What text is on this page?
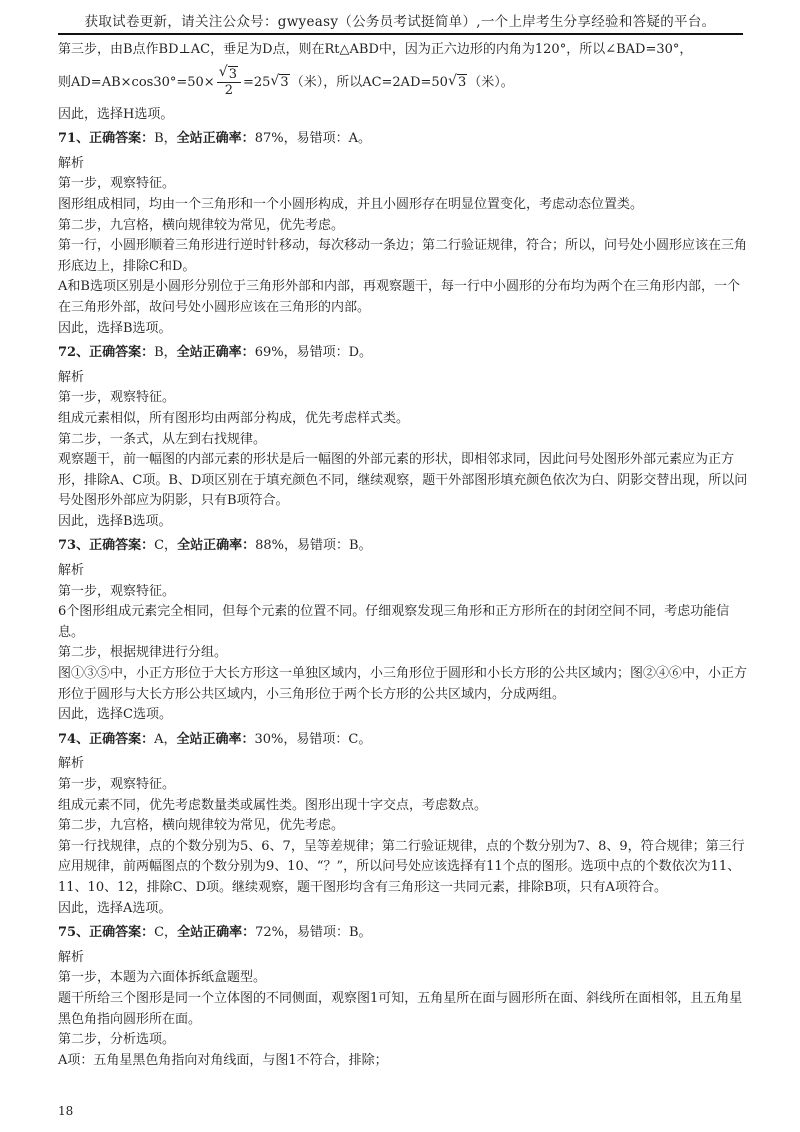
获取试卷更新，请关注公众号：gwyeasy（公务员考试挺简单）,一个上岸考生分享经验和答疑的平台。

第三步，由B点作BD⊥AC，垂足为D点，则在Rt△ABD中，因为正六边形的内角为120°，所以∠BAD=30°，

则AD=AB×cos30°=50×
√ $\frac{3}{2} =25√$ 3 （米），所以AC=2AD=50√ 3 （米）。

因此，选择H选项。

71、正确答案：B，全站正确率：87%，易错项：A。

解析

第一步，观察特征。

图形组成相同，均由一个三角形和一个小圆形构成，并且小圆形存在明显位置变化，考虑动态位置类。

第二步，九宫格，横向规律较为常见，优先考虑。

第一行，小圆形顺着三角形进行逆时针移动，每次移动一条边；第二行验证规律，符合；所以，问号处小圆形应该在三角形底边上，排除C和D。

A和B选项区别是小圆形分别位于三角形外部和内部，再观察题干，每一行中小圆形的分布均为两个在三角形内部，一个在三角形外部，故问号处小圆形应该在三角形的内部。

因此，选择B选项。

72、正确答案：B，全站正确率：69%，易错项：D。

解析

第一步，观察特征。

组成元素相似，所有图形均由两部分构成，优先考虑样式类。

第二步，一条式，从左到右找规律。

观察题干，前一幅图的内部元素的形状是后一幅图的外部元素的形状，即相邻求同，因此问号处图形外部元素应为正方形，排除A、C项。B、D项区别在于填充颜色不同，继续观察，题干外部图形填充颜色依次为白、阴影交替出现，所以问号处图形外部应为阴影，只有B项符合。

因此，选择B选项。

73、正确答案：C，全站正确率：88%，易错项：B。

解析

第一步，观察特征。

6个图形组成元素完全相同，但每个元素的位置不同。仔细观察发现三角形和正方形所在的封闭空间不同，考虑功能信息。

第二步，根据规律进行分组。

图①③⑤中，小正方形位于大长方形这一单独区域内，小三角形位于圆形和小长方形的公共区域内；图②④⑥中，小正方形位于圆形与大长方形公共区域内，小三角形位于两个长方形的公共区域内，分成两组。

因此，选择C选项。

74、正确答案：A，全站正确率：30%，易错项：C。

解析

第一步，观察特征。

组成元素不同，优先考虑数量类或属性类。图形出现十字交点，考虑数点。

第二步，九宫格，横向规律较为常见，优先考虑。

第一行找规律，点的个数分别为5、6、7，呈等差规律；第二行验证规律，点的个数分别为7、8、9，符合规律；第三行应用规律，前两幅图点的个数分别为9、10、“？”，所以问号处应该选择有11个点的图形。选项中点的个数依次为11、11、10、12，排除C、D项。继续观察，题干图形均含有三角形这一共同元素，排除B项，只有A项符合。

因此，选择A选项。

75、正确答案：C，全站正确率：72%，易错项：B。

解析

第一步，本题为六面体拆纸盒题型。

题干所给三个图形是同一个立体图的不同侧面，观察图1可知，五角星所在面与圆形所在面、斜线所在面相邻，且五角星黑色角指向圆形所在面。

第二步，分析选项。

A项：五角星黑色角指向对角线面，与图1不符合，排除；

18
